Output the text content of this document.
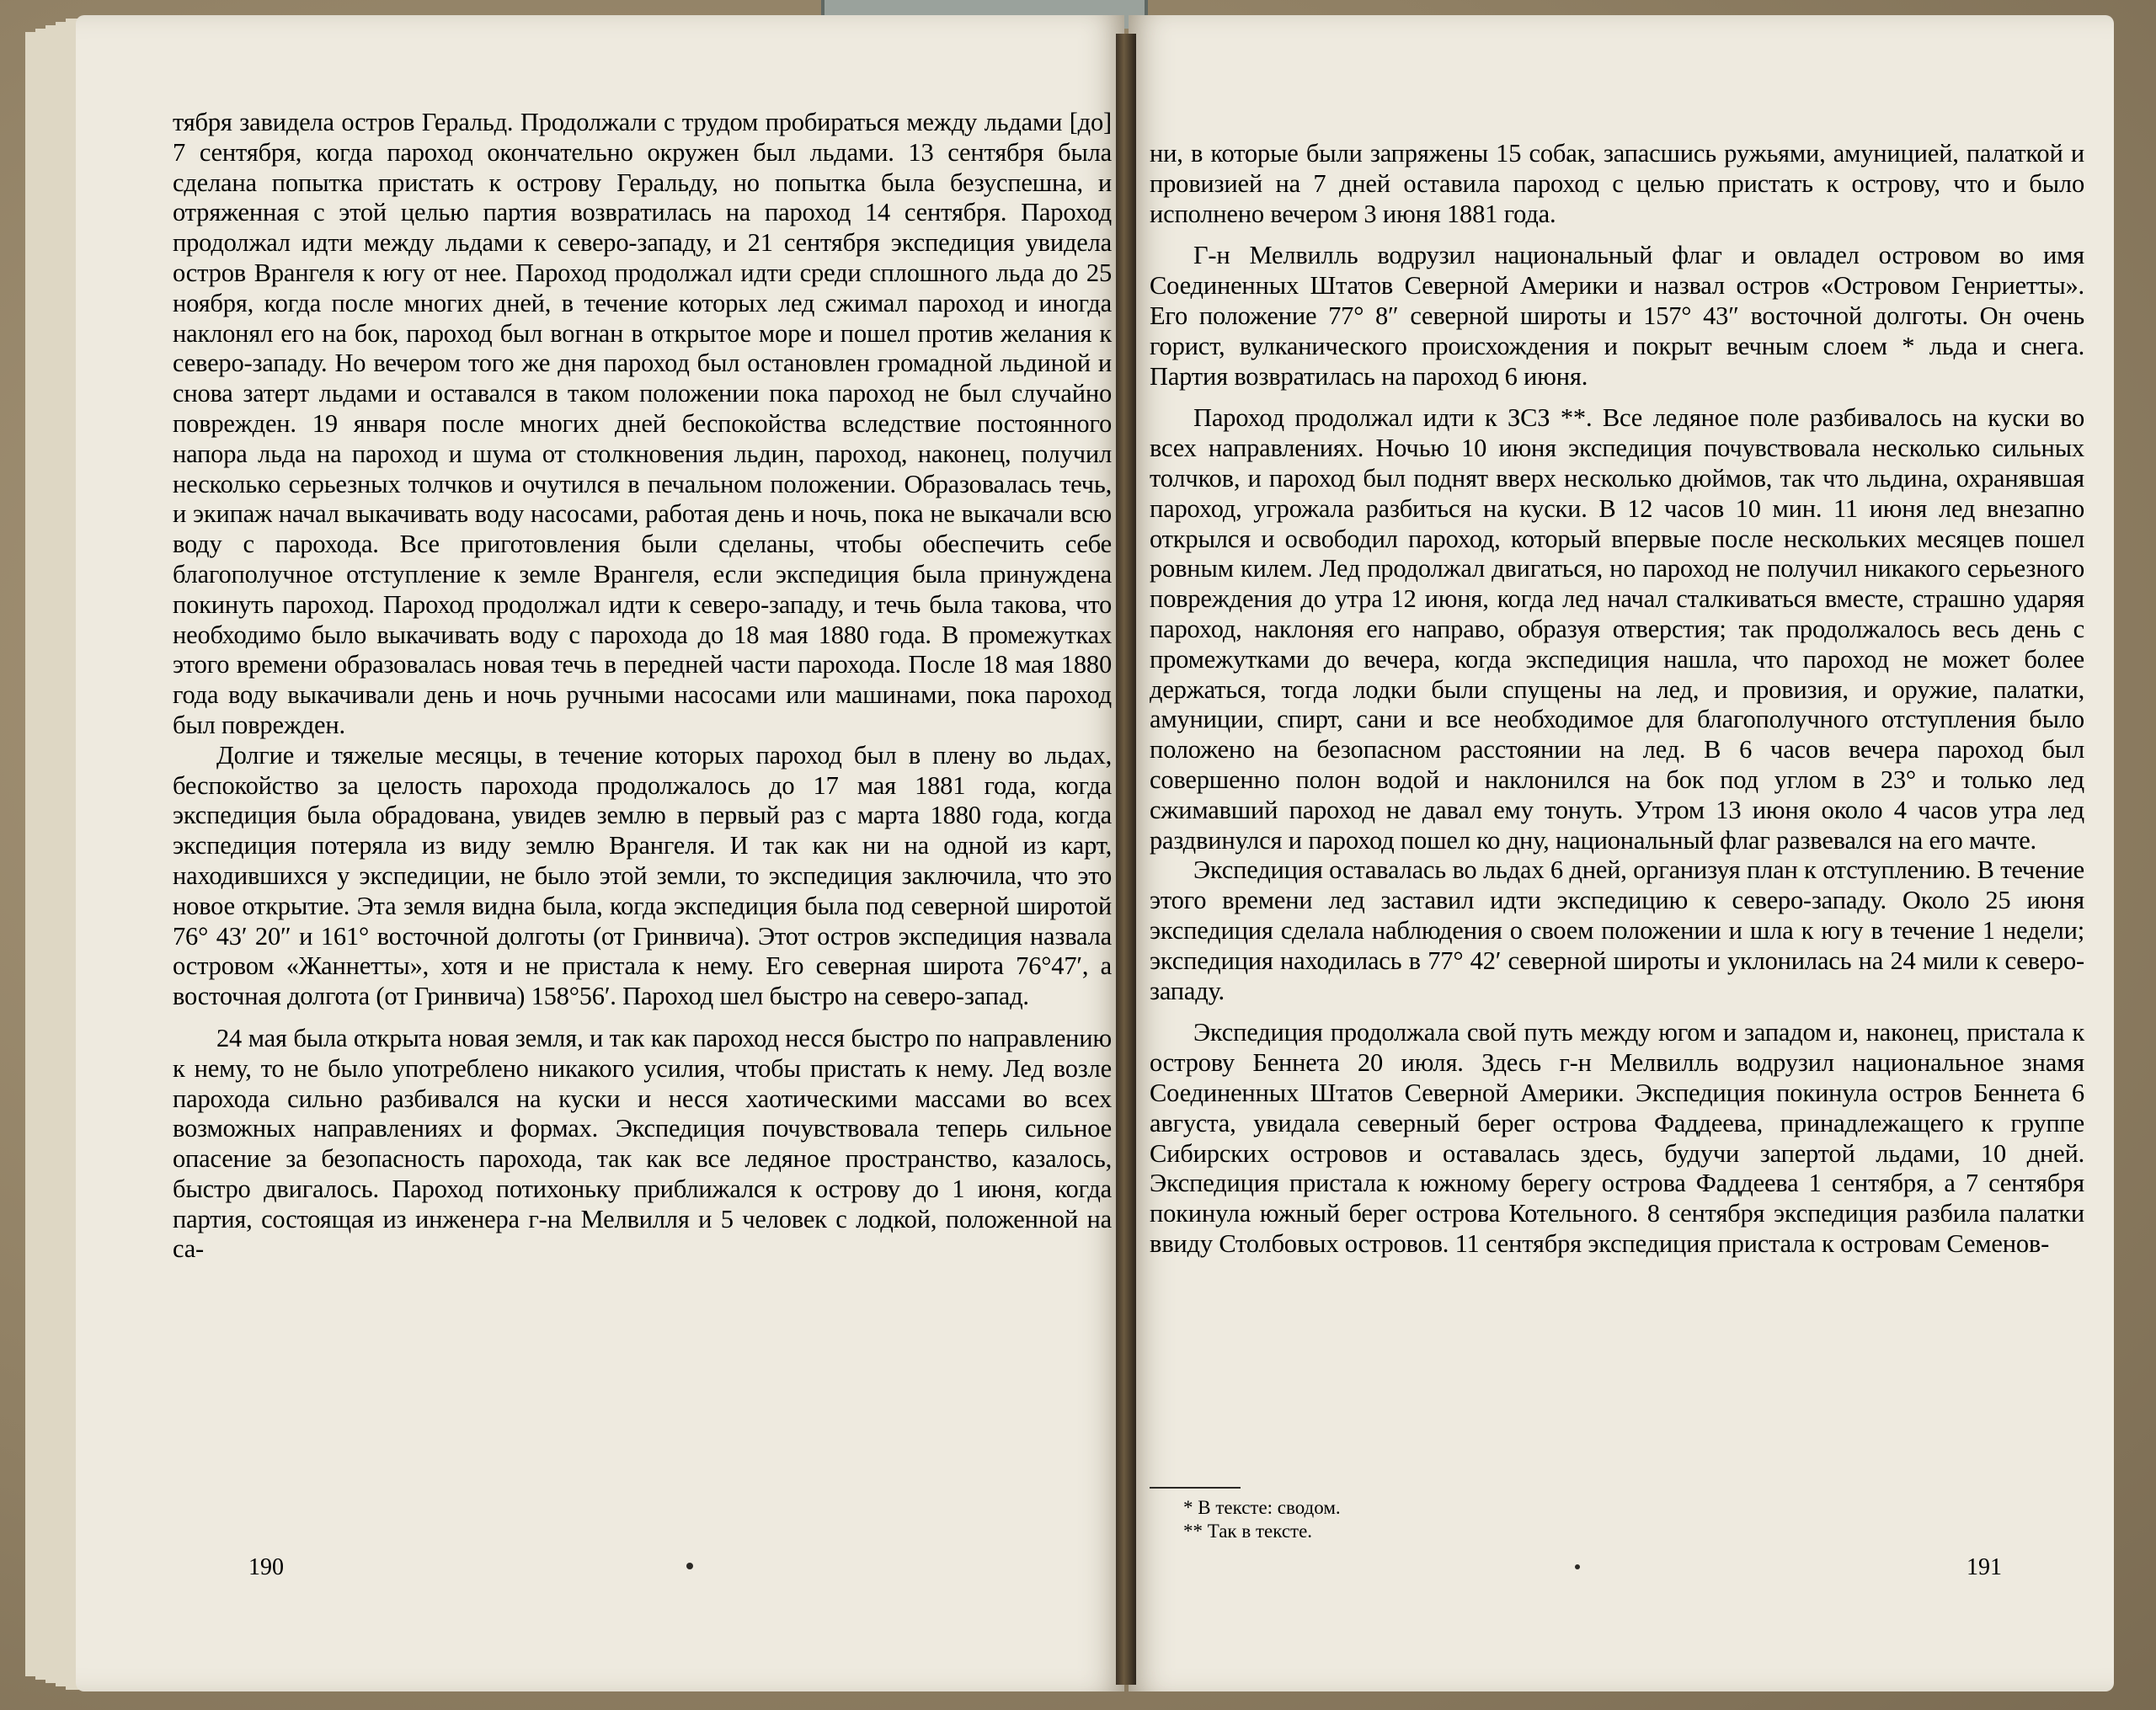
тября завидела остров Геральд. Продолжали с трудом пробираться между льдами [до] 7 сентября, когда пароход окончательно окружен был льдами. 13 сентября была сделана попытка пристать к острову Геральду, но попытка была безуспешна, и отряженная с этой целью партия возвратилась на пароход 14 сентября. Пароход продолжал идти между льдами к северо-западу, и 21 сентября экспедиция увидела остров Врангеля к югу от нее. Пароход продолжал идти среди сплошного льда до 25 ноября, когда после многих дней, в течение которых лед сжимал пароход и иногда наклонял его на бок, пароход был вогнан в открытое море и пошел против желания к северо-западу. Но вечером того же дня пароход был остановлен громадной льдиной и снова затерт льдами и оставался в таком положении пока пароход не был случайно поврежден. 19 января после многих дней беспокойства вследствие постоянного напора льда на пароход и шума от столкновения льдин, пароход, наконец, получил несколько серьезных толчков и очутился в печальном положении. Образовалась течь, и экипаж начал выкачивать воду насосами, работая день и ночь, пока не выкачали всю воду с парохода. Все приготовления были сделаны, чтобы обеспечить себе благополучное отступление к земле Врангеля, если экспедиция была принуждена покинуть пароход. Пароход продолжал идти к северо-западу, и течь была такова, что необходимо было выкачивать воду с парохода до 18 мая 1880 года. В промежутках этого времени образовалась новая течь в передней части парохода. После 18 мая 1880 года воду выкачивали день и ночь ручными насосами или машинами, пока пароход был поврежден.

Долгие и тяжелые месяцы, в течение которых пароход был в плену во льдах, беспокойство за целость парохода продолжалось до 17 мая 1881 года, когда экспедиция была обрадована, увидев землю в первый раз с марта 1880 года, когда экспедиция потеряла из виду землю Врангеля. И так как ни на одной из карт, находившихся у экспедиции, не было этой земли, то экспедиция заключила, что это новое открытие. Эта земля видна была, когда экспедиция была под северной широтой 76° 43′ 20″ и 161° восточной долготы (от Гринвича). Этот остров экспедиция назвала островом «Жаннетты», хотя и не пристала к нему. Его северная широта 76°47′, а восточная долгота (от Гринвича) 158°56′. Пароход шел быстро на северо-запад.

24 мая была открыта новая земля, и так как пароход несся быстро по направлению к нему, то не было употреблено никакого усилия, чтобы пристать к нему. Лед возле парохода сильно разбивался на куски и несся хаотическими массами во всех возможных направлениях и формах. Экспедиция почувствовала теперь сильное опасение за безопасность парохода, так как все ледяное пространство, казалось, быстро двигалось. Пароход потихоньку приближался к острову до 1 июня, когда партия, состоящая из инженера г-на Мелвилля и 5 человек с лодкой, положенной на са-

ни, в которые были запряжены 15 собак, запасшись ружьями, амуницией, палаткой и провизией на 7 дней оставила пароход с целью пристать к острову, что и было исполнено вечером 3 июня 1881 года.

Г-н Мелвилль водрузил национальный флаг и овладел островом во имя Соединенных Штатов Северной Америки и назвал остров «Островом Генриетты». Его положение 77° 8″ северной широты и 157° 43″ восточной долготы. Он очень горист, вулканического происхождения и покрыт вечным слоем * льда и снега. Партия возвратилась на пароход 6 июня.

Пароход продолжал идти к ЗСЗ **. Все ледяное поле разбивалось на куски во всех направлениях. Ночью 10 июня экспедиция почувствовала несколько сильных толчков, и пароход был поднят вверх несколько дюймов, так что льдина, охранявшая пароход, угрожала разбиться на куски. В 12 часов 10 мин. 11 июня лед внезапно открылся и освободил пароход, который впервые после нескольких месяцев пошел ровным килем. Лед продолжал двигаться, но пароход не получил никакого серьезного повреждения до утра 12 июня, когда лед начал сталкиваться вместе, страшно ударяя пароход, наклоняя его направо, образуя отверстия; так продолжалось весь день с промежутками до вечера, когда экспедиция нашла, что пароход не может более держаться, тогда лодки были спущены на лед, и провизия, и оружие, палатки, амуниции, спирт, сани и все необходимое для благополучного отступления было положено на безопасном расстоянии на лед. В 6 часов вечера пароход был совершенно полон водой и наклонился на бок под углом в 23° и только лед сжимавший пароход не давал ему тонуть. Утром 13 июня около 4 часов утра лед раздвинулся и пароход пошел ко дну, национальный флаг развевался на его мачте.

Экспедиция оставалась во льдах 6 дней, организуя план к отступлению. В течение этого времени лед заставил идти экспедицию к северо-западу. Около 25 июня экспедиция сделала наблюдения о своем положении и шла к югу в течение 1 недели; экспедиция находилась в 77° 42′ северной широты и уклонилась на 24 мили к северо-западу.

Экспедиция продолжала свой путь между югом и западом и, наконец, пристала к острову Беннета 20 июля. Здесь г-н Мелвилль водрузил национальное знамя Соединенных Штатов Северной Америки. Экспедиция покинула остров Беннета 6 августа, увидала северный берег острова Фаддеева, принадлежащего к группе Сибирских островов и оставалась здесь, будучи запертой льдами, 10 дней. Экспедиция пристала к южному берегу острова Фаддеева 1 сентября, а 7 сентября покинула южный берег острова Котельного. 8 сентября экспедиция разбила палатки ввиду Столбовых островов. 11 сентября экспедиция пристала к островам Семенов-

* В тексте: сводом.

** Так в тексте.

190	191
